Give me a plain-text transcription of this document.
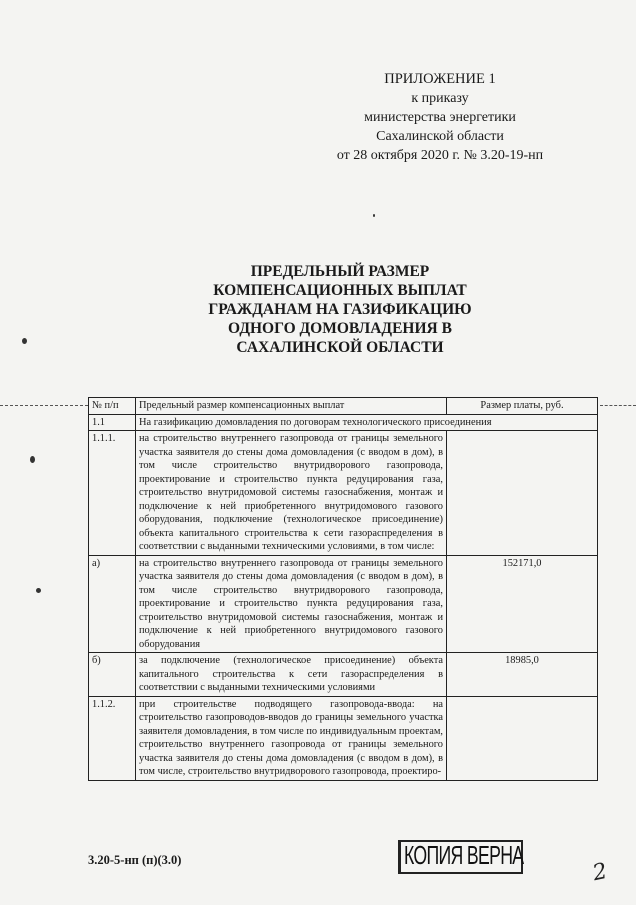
ПРИЛОЖЕНИЕ 1
к приказу
министерства энергетики
Сахалинской области
от 28 октября 2020 г. № 3.20-19-нп
ПРЕДЕЛЬНЫЙ РАЗМЕР
КОМПЕНСАЦИОННЫХ ВЫПЛАТ
ГРАЖДАНАМ НА ГАЗИФИКАЦИЮ
ОДНОГО ДОМОВЛАДЕНИЯ В
САХАЛИНСКОЙ ОБЛАСТИ
№ п/п	Предельный размер компенсационных выплат	Размер платы, руб.
1.1	На газификацию домовладения по договорам технологического присоединения	
1.1.1.	на строительство внутреннего газопровода от границы земельного участка заявителя до стены дома домовладения (с вводом в дом), в том числе строительство внутридворового газопровода, проектирование и строительство пункта редуцирования газа, строительство внутридомовой системы газоснабжения, монтаж и подключение к ней приобретенного внутридомового газового оборудования, подключение (технологическое присоединение) объекта капитального строительства к сети газораспределения в соответствии с выданными техническими условиями, в том числе:	
а)	на строительство внутреннего газопровода от границы земельного участка заявителя до стены дома домовладения (с вводом в дом), в том числе строительство внутридворового газопровода, проектирование и строительство пункта редуцирования газа, строительство внутридомовой системы газоснабжения, монтаж и подключение к ней приобретенного внутридомового газового оборудования	152171,0
б)	за подключение (технологическое присоединение) объекта капитального строительства к сети газораспределения в соответствии с выданными техническими условиями	18985,0
1.1.2.	при строительстве подводящего газопровода-ввода: на строительство газопроводов-вводов до границы земельного участка заявителя домовладения, в том числе по индивидуальным проектам, строительство внутреннего газопровода от границы земельного участка заявителя до стены дома домовладения (с вводом в дом), в том числе, строительство внутридворового газопровода, проектиро-	
3.20-5-нп (п)(3.0)	КОПИЯ ВЕРНА
2
